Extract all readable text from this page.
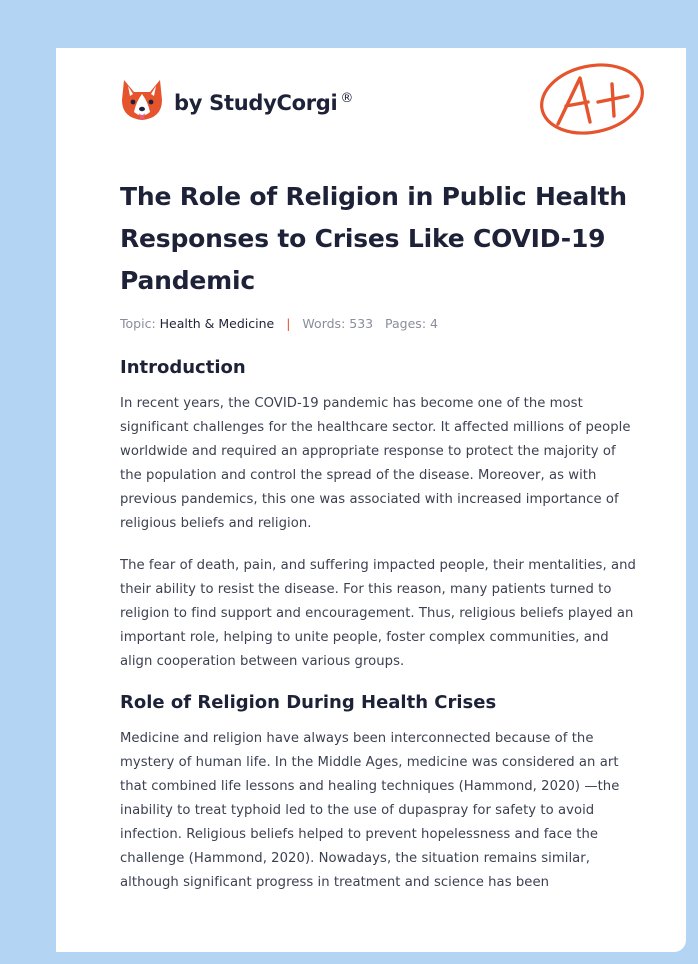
by StudyCorgi ®
The Role of Religion in Public Health Responses to Crises Like COVID-19 Pandemic
Topic: Health & Medicine | Words: 533 Pages: 4
Introduction

In recent years, the COVID-19 pandemic has become one of the most significant challenges for the healthcare sector. It affected millions of people worldwide and required an appropriate response to protect the majority of the population and control the spread of the disease. Moreover, as with previous pandemics, this one was associated with increased importance of religious beliefs and religion.

The fear of death, pain, and suffering impacted people, their mentalities, and their ability to resist the disease. For this reason, many patients turned to religion to find support and encouragement. Thus, religious beliefs played an important role, helping to unite people, foster complex communities, and align cooperation between various groups.

Role of Religion During Health Crises

Medicine and religion have always been interconnected because of the mystery of human life. In the Middle Ages, medicine was considered an art that combined life lessons and healing techniques (Hammond, 2020) —the inability to treat typhoid led to the use of dupaspray for safety to avoid infection. Religious beliefs helped to prevent hopelessness and face the challenge (Hammond, 2020). Nowadays, the situation remains similar, although significant progress in treatment and science has been
